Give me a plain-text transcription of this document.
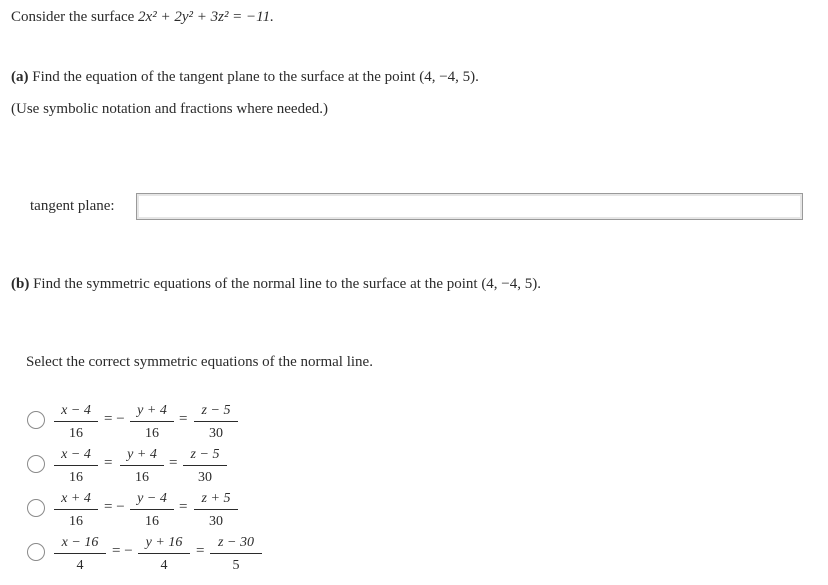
Consider the surface 2x² + 2y² + 3z² = −11.
(a) Find the equation of the tangent plane to the surface at the point (4, −4, 5).
(Use symbolic notation and fractions where needed.)
tangent plane:
(b) Find the symmetric equations of the normal line to the surface at the point (4, −4, 5).
Select the correct symmetric equations of the normal line.
$\frac{x - 4}{16}$ = − $\frac{y + 4}{16} = \frac{z - 5}{30}$
$\frac{x - 4}{16} = \frac{y + 4}{16} = \frac{z - 5}{30}$
$\frac{x + 4}{16}$ = − $\frac{y - 4}{16} = \frac{z + 5}{30}$
$\frac{x - 16}{4}$ = − $\frac{y + 16}{4} = \frac{z - 30}{5}$
